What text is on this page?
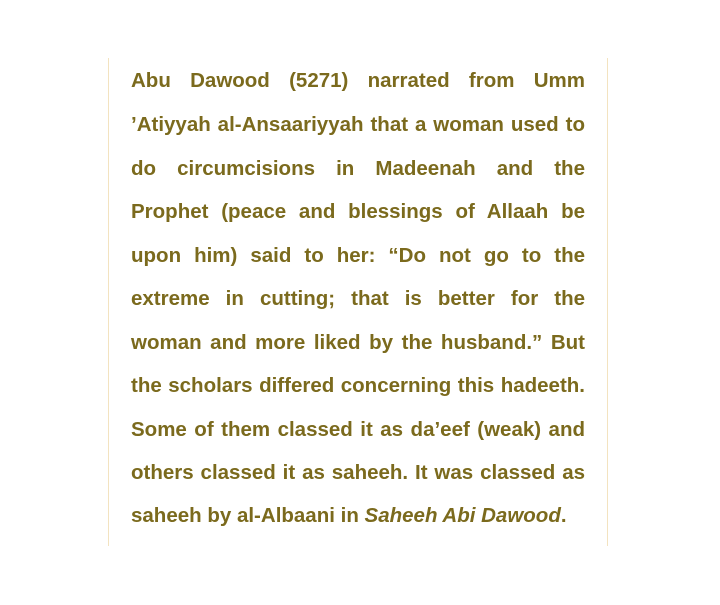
Abu Dawood (5271) narrated from Umm
’Atiyyah al-Ansaariyyah that a woman used to
do circumcisions in Madeenah and the
Prophet (peace and blessings of Allaah be
upon him) said to her: “Do not go to the
extreme in cutting; that is better for the
woman and more liked by the husband.” But
the scholars differed concerning this hadeeth.
Some of them classed it as da’eef (weak) and
others classed it as saheeh. It was classed as
saheeh by al-Albaani in Saheeh Abi Dawood.
